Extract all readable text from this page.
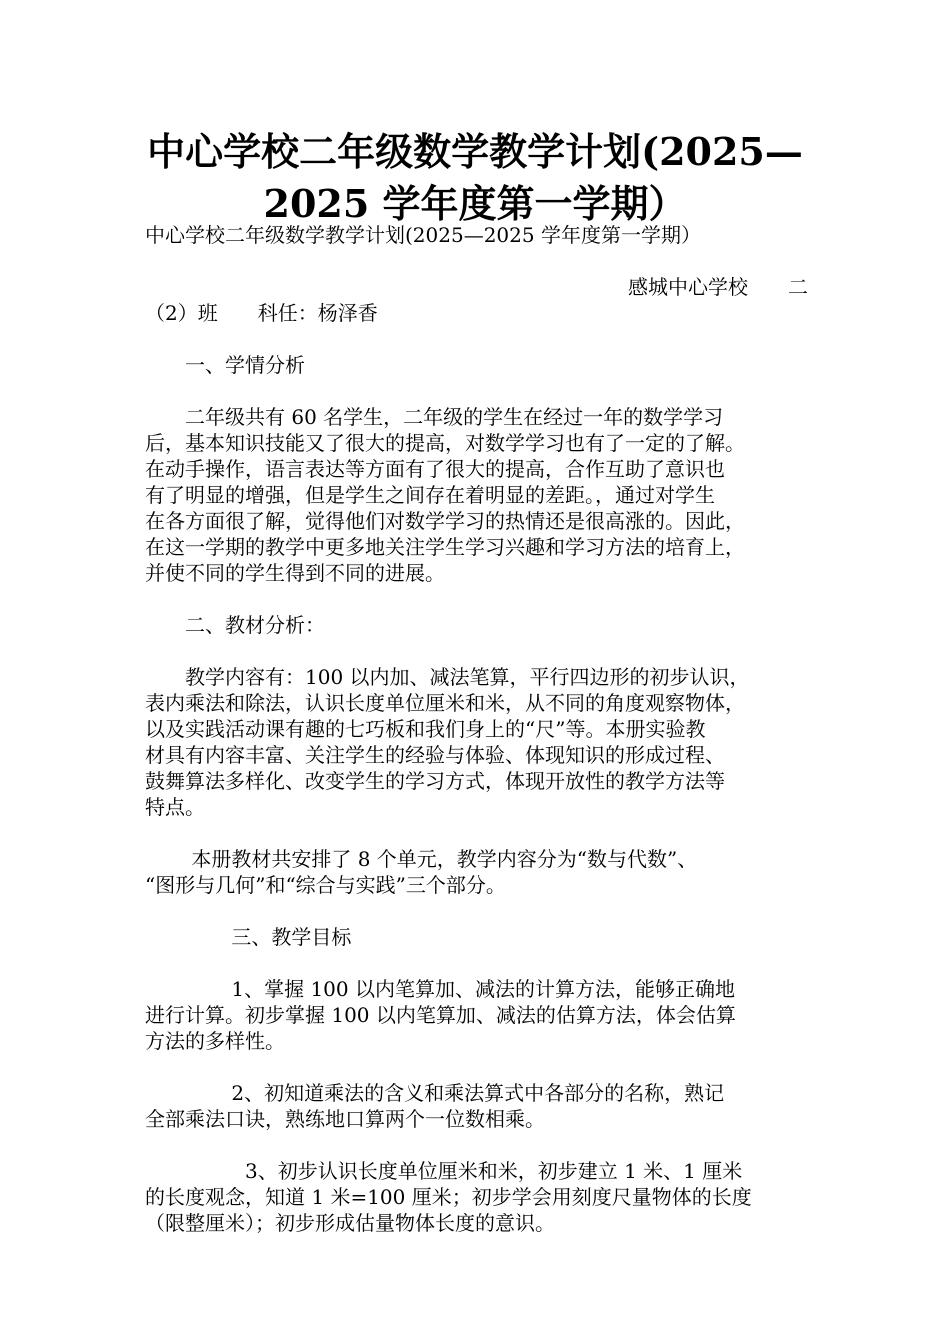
中心学校二年级数学教学计划(2025—
2025 学年度第一学期）
中心学校二年级数学教学计划(2025—2025 学年度第一学期）
感城中心学校　　二
（2）班　　科任：杨泽香
　　一、学情分析
　　二年级共有 60 名学生，二年级的学生在经过一年的数学学习
后，基本知识技能又了很大的提高，对数学学习也有了一定的了解。
在动手操作，语言表达等方面有了很大的提高，合作互助了意识也
有了明显的增强，但是学生之间存在着明显的差距。，通过对学生
在各方面很了解，觉得他们对数学学习的热情还是很高涨的。因此，
在这一学期的教学中更多地关注学生学习兴趣和学习方法的培育上，
并使不同的学生得到不同的进展。
　　二、教材分析：
　　教学内容有：100 以内加、减法笔算，平行四边形的初步认识，
表内乘法和除法，认识长度单位厘米和米，从不同的角度观察物体，
以及实践活动课有趣的七巧板和我们身上的“尺”等。本册实验教
材具有内容丰富、关注学生的经验与体验、体现知识的形成过程、
鼓舞算法多样化、改变学生的学习方式，体现开放性的教学方法等
特点。
　　 本册教材共安排了 8 个单元，教学内容分为“数与代数”、
“图形与几何”和“综合与实践”三个部分。
　　　　 三、教学目标
　　　　 1、掌握 100 以内笔算加、减法的计算方法，能够正确地
进行计算。初步掌握 100 以内笔算加、减法的估算方法，体会估算
方法的多样性。
　　　　 2、初知道乘法的含义和乘法算式中各部分的名称，熟记
全部乘法口诀，熟练地口算两个一位数相乘。
　　　　　3、初步认识长度单位厘米和米，初步建立 1 米、1 厘米
的长度观念，知道 1 米=100 厘米；初步学会用刻度尺量物体的长度
（限整厘米）；初步形成估量物体长度的意识。
